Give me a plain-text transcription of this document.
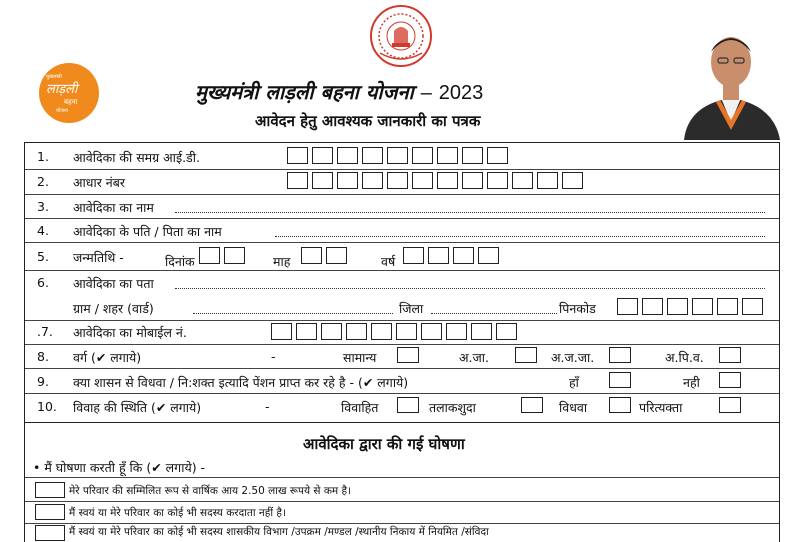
मुख्यमंत्री
लाड़ली
बहना
योजना
मुख्यमंत्री लाड़ली बहना योजना – 2023
आवेदन हेतु आवश्यक जानकारी का पत्रक
1. आवेदिका की समग्र आई.डी.
2. आधार नंबर
3. आवेदिका का नाम
4. आवेदिका के पति / पिता का नाम
5. जन्मतिथि -	दिनांक	माह	वर्ष
6. आवेदिका का पता
ग्राम / शहर (वार्ड)	जिला	पिनकोड
.7. आवेदिका का मोबाईल नं.
8. वर्ग (✔ लगाये)	-	सामान्य	अ.जा.	अ.ज.जा.	अ.पि.व.
9. क्या शासन से विधवा / नि:शक्त इत्यादि पेंशन प्राप्त कर रहे है - (✔ लगाये)	हाँ	नही
10. विवाह की स्थिति (✔ लगाये)	-	विवाहित	तलाकशुदा	विधवा	परित्यक्ता
आवेदिका द्वारा की गई घोषणा
• मैं घोषणा करती हूँ कि (✔ लगाये) -
मेरे परिवार की सम्मिलित रूप से वार्षिक आय 2.50 लाख रूपये से कम है।
मैं स्वयं या मेरे परिवार का कोई भी सदस्य करदाता नहीं है।
मैं स्वयं या मेरे परिवार का कोई भी सदस्य शासकीय विभाग /उपक्रम /मण्डल /स्थानीय निकाय में नियमित /संविदा
